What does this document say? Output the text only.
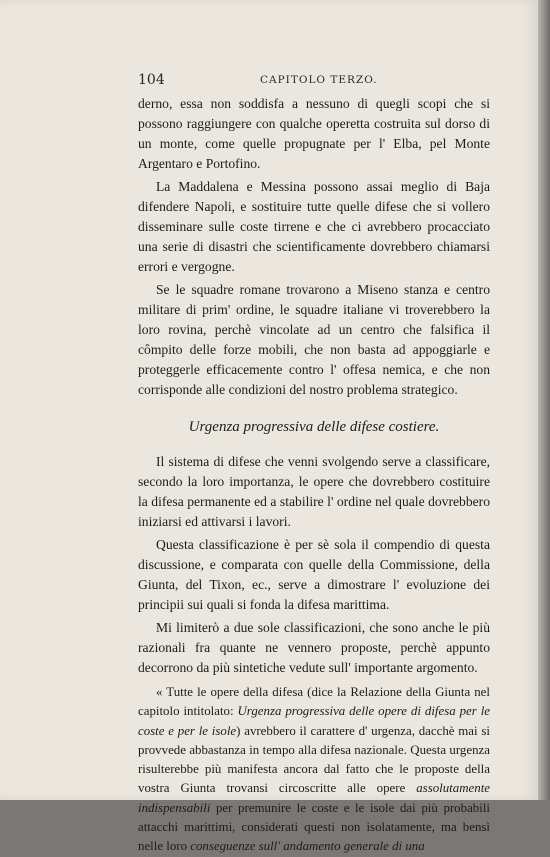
104	CAPITOLO TERZO.

derno, essa non soddisfa a nessuno di quegli scopi che si possono raggiungere con qualche operetta costruita sul dorso di un monte, come quelle propugnate per l' Elba, pel Monte Argentaro e Portofino.

La Maddalena e Messina possono assai meglio di Baja difendere Napoli, e sostituire tutte quelle difese che si vollero disseminare sulle coste tirrene e che ci avrebbero procacciato una serie di disastri che scientificamente dovrebbero chiamarsi errori e vergogne.

Se le squadre romane trovarono a Miseno stanza e centro militare di prim' ordine, le squadre italiane vi troverebbero la loro rovina, perchè vincolate ad un centro che falsifica il cômpito delle forze mobili, che non basta ad appoggiarle e proteggerle efficacemente contro l' offesa nemica, e che non corrisponde alle condizioni del nostro problema strategico.

Urgenza progressiva delle difese costiere.

Il sistema di difese che venni svolgendo serve a classificare, secondo la loro importanza, le opere che dovrebbero costituire la difesa permanente ed a stabilire l' ordine nel quale dovrebbero iniziarsi ed attivarsi i lavori.

Questa classificazione è per sè sola il compendio di questa discussione, e comparata con quelle della Commissione, della Giunta, del Tixon, ec., serve a dimostrare l' evoluzione dei principii sui quali si fonda la difesa marittima.

Mi limiterò a due sole classificazioni, che sono anche le più razionali fra quante ne vennero proposte, perchè appunto decorrono da più sintetiche vedute sull' importante argomento.

« Tutte le opere della difesa (dice la Relazione della Giunta nel capitolo intitolato: Urgenza progressiva delle opere di difesa per le coste e per le isole) avrebbero il carattere d' urgenza, dacchè mai si provvede abbastanza in tempo alla difesa nazionale. Questa urgenza risulterebbe più manifesta ancora dal fatto che le proposte della vostra Giunta trovansi circoscritte alle opere assolutamente indispensabili per premunire le coste e le isole dai più probabili attacchi marittimi, considerati questi non isolatamente, ma bensì nelle loro conseguenze sull' andamento generale di una
